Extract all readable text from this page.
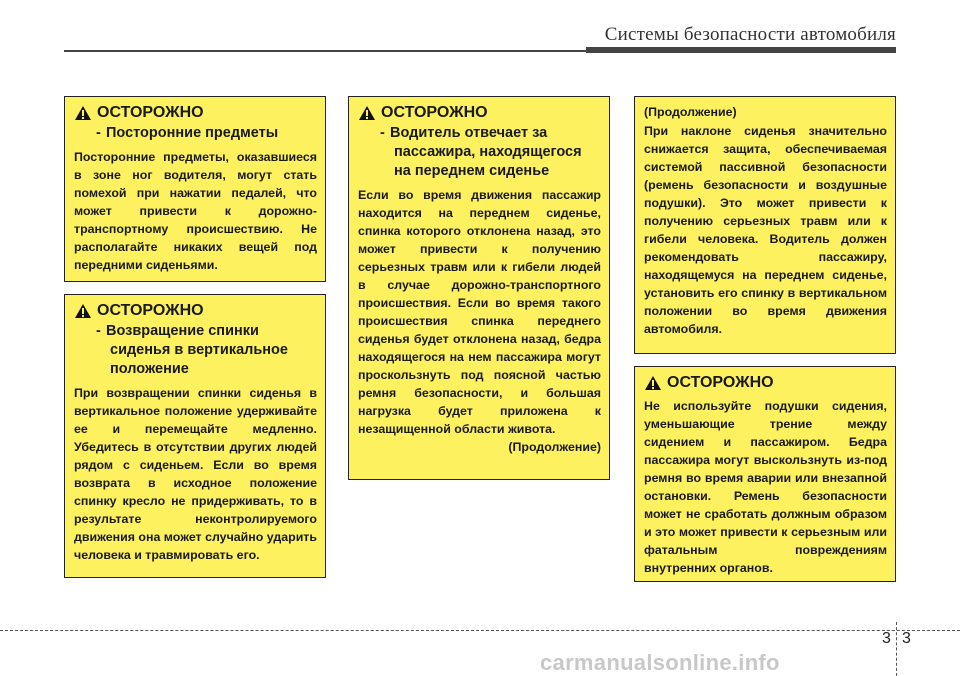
Системы безопасности автомобиля
ОСТОРОЖНО
- Посторонние предметы
Посторонние предметы, оказавшиеся в зоне ног водителя, могут стать помехой при нажатии педалей, что может привести к дорожно-транспортному происшествию. Не располагайте никаких вещей под передними сиденьями.
ОСТОРОЖНО
- Возвращение спинки
сиденья в вертикальное
положение
При возвращении спинки сиденья в вертикальное положение удерживайте ее и перемещайте медленно. Убедитесь в отсутствии других людей рядом с сиденьем. Если во время возврата в исходное положение спинку кресло не придерживать, то в результате неконтролируемого движения она может случайно ударить человека и травмировать его.
ОСТОРОЖНО
- Водитель отвечает за
пассажира, находящегося
на переднем сиденье
Если во время движения пассажир находится на переднем сиденье, спинка которого отклонена назад, это может привести к получению серьезных травм или к гибели людей в случае дорожно-транспортного происшествия. Если во время такого происшествия спинка переднего сиденья будет отклонена назад, бедра находящегося на нем пассажира могут проскользнуть под поясной частью ремня безопасности, и большая нагрузка будет приложена к незащищенной области живота.
(Продолжение)
(Продолжение)
При наклоне сиденья значительно снижается защита, обеспечиваемая системой пассивной безопасности (ремень безопасности и воздушные подушки). Это может привести к получению серьезных травм или к гибели человека. Водитель должен рекомендовать пассажиру, находящемуся на переднем сиденье, установить его спинку в вертикальном положении во время движения автомобиля.
ОСТОРОЖНО
Не используйте подушки сидения, уменьшающие трение между сидением и пассажиром. Бедра пассажира могут выскользнуть из-под ремня во время аварии или внезапной остановки. Ремень безопасности может не сработать должным образом и это может привести к серьезным или фатальным повреждениям внутренних органов.
3 3
carmanualsonline.info
